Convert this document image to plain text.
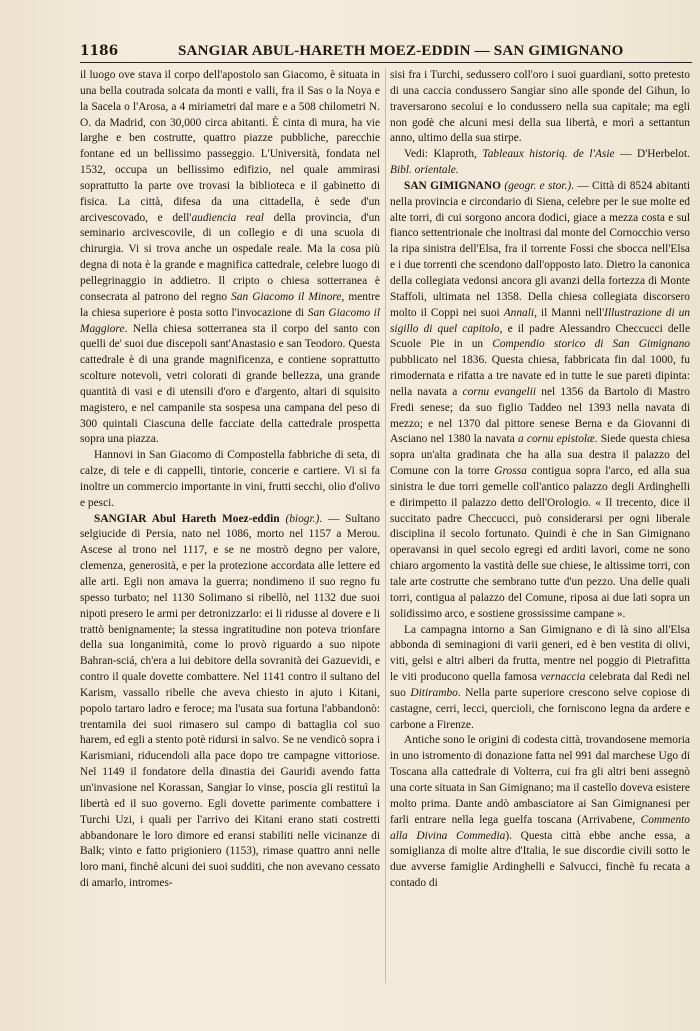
1186	SANGIAR ABUL-HARETH MOEZ-EDDIN — SAN GIMIGNANO

il luogo ove stava il corpo dell'apostolo san Giacomo, è situata in una bella coutrada solcata da monti e valli, fra il Sas o la Noya e la Sacela o l'Arosa, a 4 miriametri dal mare e a 508 chilometri N. O. da Madrid, con 30,000 circa abitanti. È cinta di mura, ha vie larghe e ben costrutte, quattro piazze pubbliche, parecchie fontane ed un bellissimo passeggio. L'Università, fondata nel 1532, occupa un bellissimo edifizio, nel quale ammirasi soprattutto la parte ove trovasi la biblioteca e il gabinetto di fisica. La città, difesa da una cittadella, è sede d'un arcivescovado, e dell'audiencia real della provincia, d'un seminario arcivescovile, di un collegio e di una scuola di chirurgia. Vi si trova anche un ospedale reale. Ma la cosa più degna di nota è la grande e magnifica cattedrale, celebre luogo di pellegrinaggio in addietro. Il cripto o chiesa sotterranea è consecrata al patrono del regno San Giacomo il Minore, mentre la chiesa superiore è posta sotto l'invocazione di San Giacomo il Maggiore. Nella chiesa sotterranea sta il corpo del santo con quelli de' suoi due discepoli sant'Anastasio e san Teodoro. Questa cattedrale è di una grande magnificenza, e contiene soprattutto scolture notevoli, vetri colorati di grande bellezza, una grande quantità di vasi e di utensili d'oro e d'argento, altari di squisito magistero, e nel campanile sta sospesa una campana del peso di 300 quintali Ciascuna delle facciate della cattedrale prospetta sopra una piazza.

Hannovi in San Giacomo di Compostella fabbriche di seta, di calze, di tele e di cappelli, tintorie, concerie e cartiere. Vi si fa inoltre un commercio importante in vini, frutti secchi, olio d'olivo e pesci.

SANGIAR Abul Hareth Moez-eddin (biogr.). — Sultano selgiucide di Persia, nato nel 1086, morto nel 1157 a Merou. Ascese al trono nel 1117, e se ne mostrò degno per valore, clemenza, generosità, e per la protezione accordata alle lettere ed alle arti. Egli non amava la guerra; nondimeno il suo regno fu spesso turbato; nel 1130 Solimano si ribellò, nel 1132 due suoi nipoti presero le armi per detronizzarlo: ei li ridusse al dovere e li trattò benignamente; la stessa ingratitudine non poteva trionfare della sua longanimità, come lo provò riguardo a suo nipote Bahran-sciá, ch'era a lui debitore della sovranità dei Gazuevidi, e contro il quale dovette combattere. Nel 1141 contro il sultano del Karism, vassallo ribelle che aveva chiesto in ajuto i Kitani, popolo tartaro ladro e feroce; ma l'usata sua fortuna l'abbandonò: trentamila dei suoi rimasero sul campo di battaglia col suo harem, ed egli a stento potè ridursi in salvo. Se ne vendicò sopra i Karismiani, riducendoli alla pace dopo tre campagne vittoriose. Nel 1149 il fondatore della dinastia dei Gauridi avendo fatta un'invasione nel Korassan, Sangiar lo vinse, poscia gli restituì la libertà ed il suo governo. Egli dovette parimente combattere i Turchi Uzi, i quali per l'arrivo dei Kitani erano stati costretti abbandonare le loro dimore ed eransi stabiliti nelle vicinanze di Balk; vinto e fatto prigioniero (1153), rimase quattro anni nelle loro mani, finchè alcuni dei suoi sudditi, che non avevano cessato di amarlo, intromes-

sisi fra i Turchi, sedussero coll'oro i suoi guardiani, sotto pretesto di una caccia condussero Sangiar sino alle sponde del Gihun, lo traversarono secolui e lo condussero nella sua capitale; ma egli non godè che alcuni mesi della sua libertà, e morì a settantun anno, ultimo della sua stirpe.

Vedi: Klaproth, Tableaux historiq. de l'Asie — D'Herbelot. Bibl. orientale.

SAN GIMIGNANO (geogr. e stor.). — Città di 8524 abitanti nella provincia e circondario di Siena, celebre per le sue molte ed alte torri, di cui sorgono ancora dodici, giace a mezza costa e sul fianco settentrionale che inoltrasi dal monte del Cornocchio verso la ripa sinistra dell'Elsa, fra il torrente Fossi che sbocca nell'Elsa e i due torrenti che scendono dall'opposto lato. Dietro la canonica della collegiata vedonsi ancora gli avanzi della fortezza di Monte Staffoli, ultimata nel 1358. Della chiesa collegiata discorsero molto il Coppi nei suoi Annali, il Manni nell'Illustrazione di un sigillo di quel capitolo, e il padre Alessandro Checcucci delle Scuole Pie in un Compendio storico di San Gimignano pubblicato nel 1836. Questa chiesa, fabbricata fin dal 1000, fu rimodernata e rifatta a tre navate ed in tutte le sue pareti dipinta: nella navata a cornu evangelii nel 1356 da Bartolo di Mastro Fredi senese; da suo figlio Taddeo nel 1393 nella navata di mezzo; e nel 1370 dal pittore senese Berna e da Giovanni di Asciano nel 1380 la navata a cornu epistolæ. Siede questa chiesa sopra un'alta gradinata che ha alla sua destra il palazzo del Comune con la torre Grossa contigua sopra l'arco, ed alla sua sinistra le due torri gemelle coll'antico palazzo degli Ardinghelli e dirimpetto il palazzo detto dell'Orologio. « Il trecento, dice il succitato padre Checcucci, può considerarsi per ogni liberale disciplina il secolo fortunato. Quindi è che in San Gimignano operavansi in quel secolo egregi ed arditi lavori, come ne sono chiaro argomento la vastità delle sue chiese, le altissime torri, con tale arte costrutte che sembrano tutte d'un pezzo. Una delle quali torri, contigua al palazzo del Comune, riposa ai due lati sopra un solidissimo arco, e sostiene grossissime campane ».

La campagna intorno a San Gimignano e di là sino all'Elsa abbonda di seminagioni di varii generi, ed è ben vestita di olivi, viti, gelsi e altri alberi da frutta, mentre nel poggio di Pietrafitta le viti producono quella famosa vernaccia celebrata dal Redi nel suo Ditirambo. Nella parte superiore crescono selve copiose di castagne, cerri, lecci, quercioli, che forniscono legna da ardere e carbone a Firenze.

Antiche sono le origini di codesta città, trovandosene memoria in uno istromento di donazione fatta nel 991 dal marchese Ugo di Toscana alla cattedrale di Volterra, cui fra gli altri beni assegnò una corte situata in San Gimignano; ma il castello doveva esistere molto prima. Dante andò ambasciatore ai San Gimignanesi per farli entrare nella lega guelfa toscana (Arrivabene, Commento alla Divina Commedia). Questa città ebbe anche essa, a somiglianza di molte altre d'Italia, le sue discordie civili sotto le due avverse famiglie Ardinghelli e Salvucci, finchè fu recata a contado di
